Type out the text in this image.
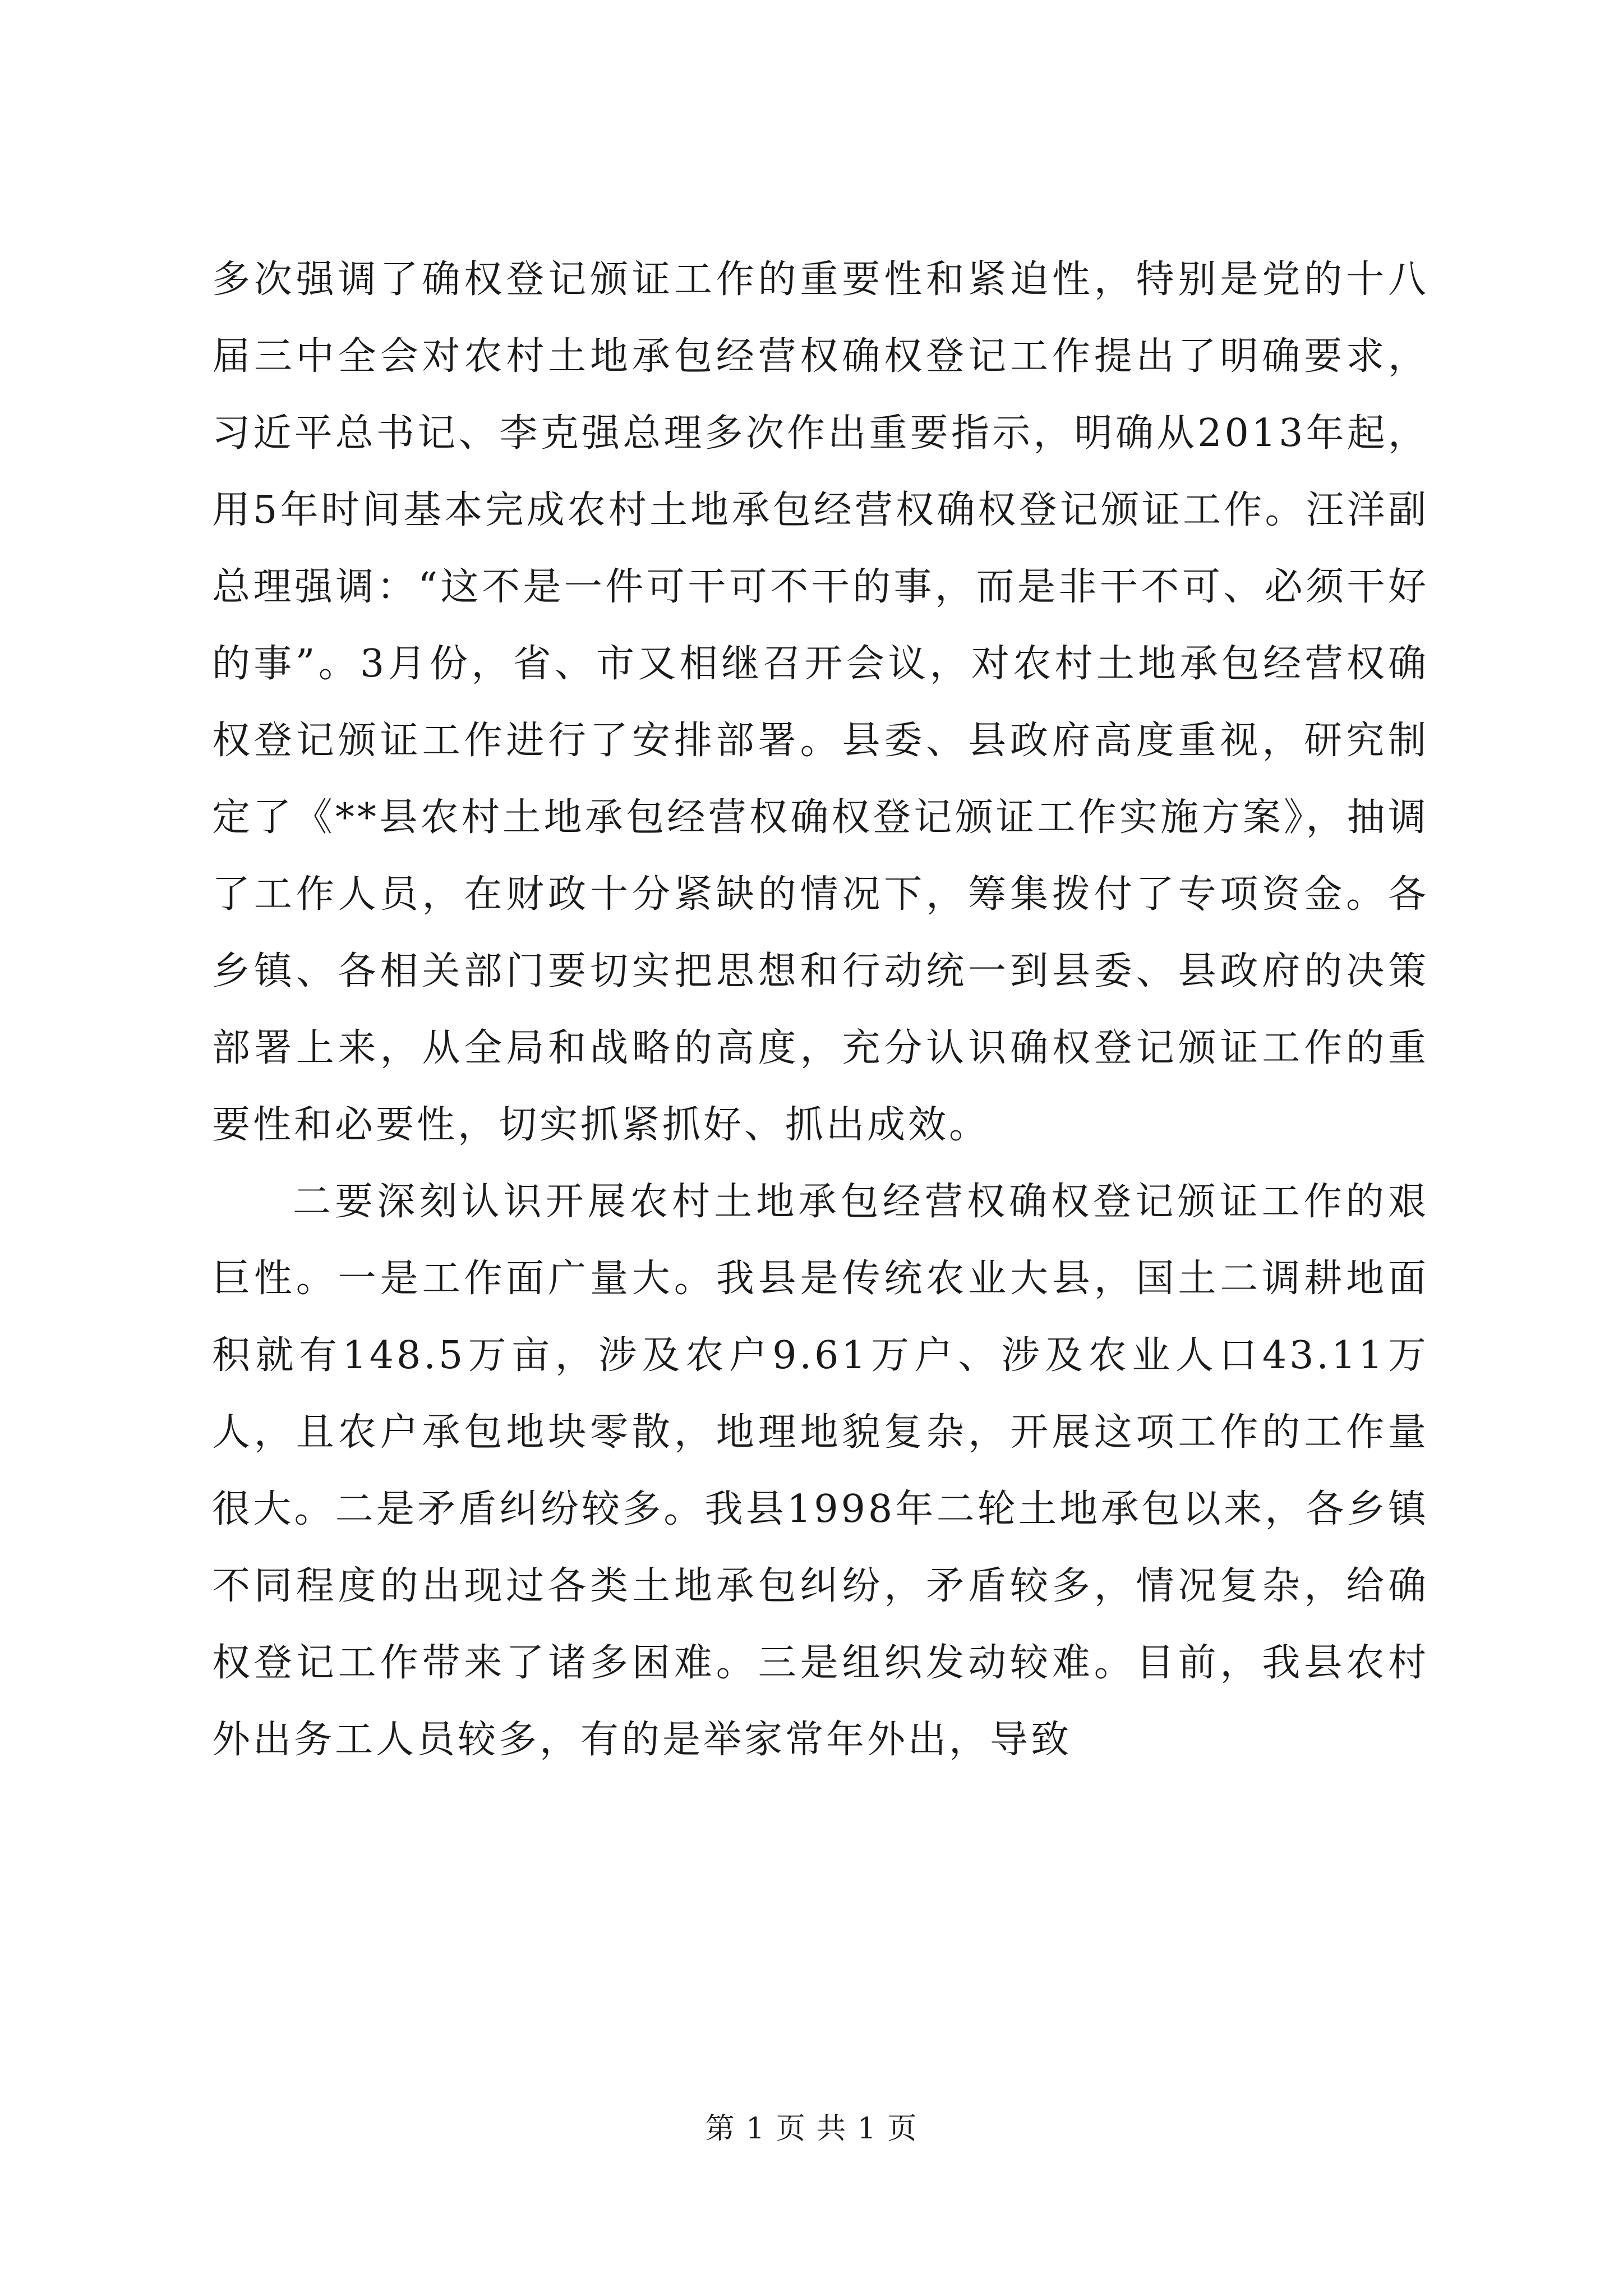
多次强调了确权登记颁证工作的重要性和紧迫性，特别是党的十八届三中全会对农村土地承包经营权确权登记工作提出了明确要求，习近平总书记、李克强总理多次作出重要指示，明确从2013年起，用5年时间基本完成农村土地承包经营权确权登记颁证工作。汪洋副总理强调：“这不是一件可干可不干的事，而是非干不可、必须干好的事”。3月份，省、市又相继召开会议，对农村土地承包经营权确权登记颁证工作进行了安排部署。县委、县政府高度重视，研究制定了《**县农村土地承包经营权确权登记颁证工作实施方案》，抽调了工作人员，在财政十分紧缺的情况下，筹集拨付了专项资金。各乡镇、各相关部门要切实把思想和行动统一到县委、县政府的决策部署上来，从全局和战略的高度，充分认识确权登记颁证工作的重要性和必要性，切实抓紧抓好、抓出成效。

二要深刻认识开展农村土地承包经营权确权登记颁证工作的艰巨性。一是工作面广量大。我县是传统农业大县，国土二调耕地面积就有148.5万亩，涉及农户9.61万户、涉及农业人口43.11万人，且农户承包地块零散，地理地貌复杂，开展这项工作的工作量很大。二是矛盾纠纷较多。我县1998年二轮土地承包以来，各乡镇不同程度的出现过各类土地承包纠纷，矛盾较多，情况复杂，给确权登记工作带来了诸多困难。三是组织发动较难。目前，我县农村外出务工人员较多，有的是举家常年外出，导致

第 1 页 共 1 页
